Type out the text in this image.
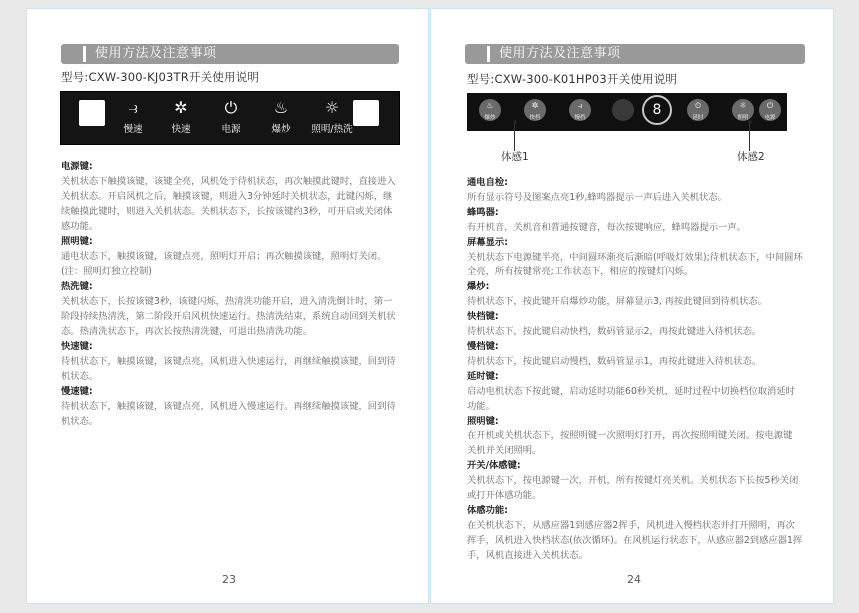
使用方法及注意事项
型号:CXW-300-KJ03TR开关使用说明
⥽
慢速
✲
快速
⏻
电源
♨
爆炒
☼
照明/热洗

电源键:

关机状态下触摸该键，该键全亮，风机处于待机状态，再次触摸此键时，直接进入

关机状态。开启风机之后，触摸该键，则进入3分钟延时关机状态，此键闪烁，继

续触摸此键时，则进入关机状态。关机状态下，长按该键约3秒，可开启或关闭体

感功能。

照明键:

通电状态下，触摸该键，该键点亮，照明灯开启；再次触摸该键，照明灯关闭。

(注：照明灯独立控制)

热洗键:

关机状态下，长按该键3秒，该键闪烁，热清洗功能开启，进入清洗倒计时，第一

阶段持续热清洗，第二阶段开启风机快速运行。热清洗结束，系统自动回到关机状

态。热清洗状态下，再次长按热清洗键，可退出热清洗功能。

快速键:

待机状态下，触摸该键，该键点亮，风机进入快速运行，再继续触摸该键，回到待

机状态。

慢速键:

待机状态下，触摸该键，该键点亮，风机进入慢速运行。再继续触摸该键，回到待

机状态。

23
使用方法及注意事项
型号:CXW-300-K01HP03开关使用说明
♨
爆炒
✲
快档
⥽
慢档
⏲
延时
☼
照明
⏻
电源
8
体感1	体感2

通电自检:

所有显示符号及图案点亮1秒,蜂鸣器提示一声后进入关机状态。

蜂鸣器:

有开机音，关机音和普通按键音，每次按键响应，蜂鸣器提示一声。

屏幕显示:

关机状态下电源键半亮，中间圆环渐亮后渐暗(呼吸灯效果);待机状态下，中间圆环

全亮，所有按键常亮;工作状态下，相应的按键灯闪烁。

爆炒:

待机状态下，按此键开启爆炒功能，屏幕显示3, 再按此键回到待机状态。

快档键:

待机状态下，按此键启动快档，数码管显示2，再按此键进入待机状态。

慢档键:

待机状态下，按此键启动慢档，数码管显示1，再按此键进入待机状态。

延时键:

启动电机状态下按此键，启动延时功能60秒关机，延时过程中切换档位取消延时

功能。

照明键:

在开机或关机状态下，按照明键一次照明灯打开，再次按照明键关闭。按电源键

关机并关闭照明。

开关/体感键:

关机状态下，按电源键一次，开机，所有按键灯亮关机。关机状态下长按5秒关闭

或打开体感功能。

体感功能:

在关机状态下，从感应器1到感应器2挥手，风机进入慢档状态并打开照明，再次

挥手，风机进入快档状态(依次循环)。在风机运行状态下，从感应器2到感应器1挥

手，风机直接进入关机状态。

24
